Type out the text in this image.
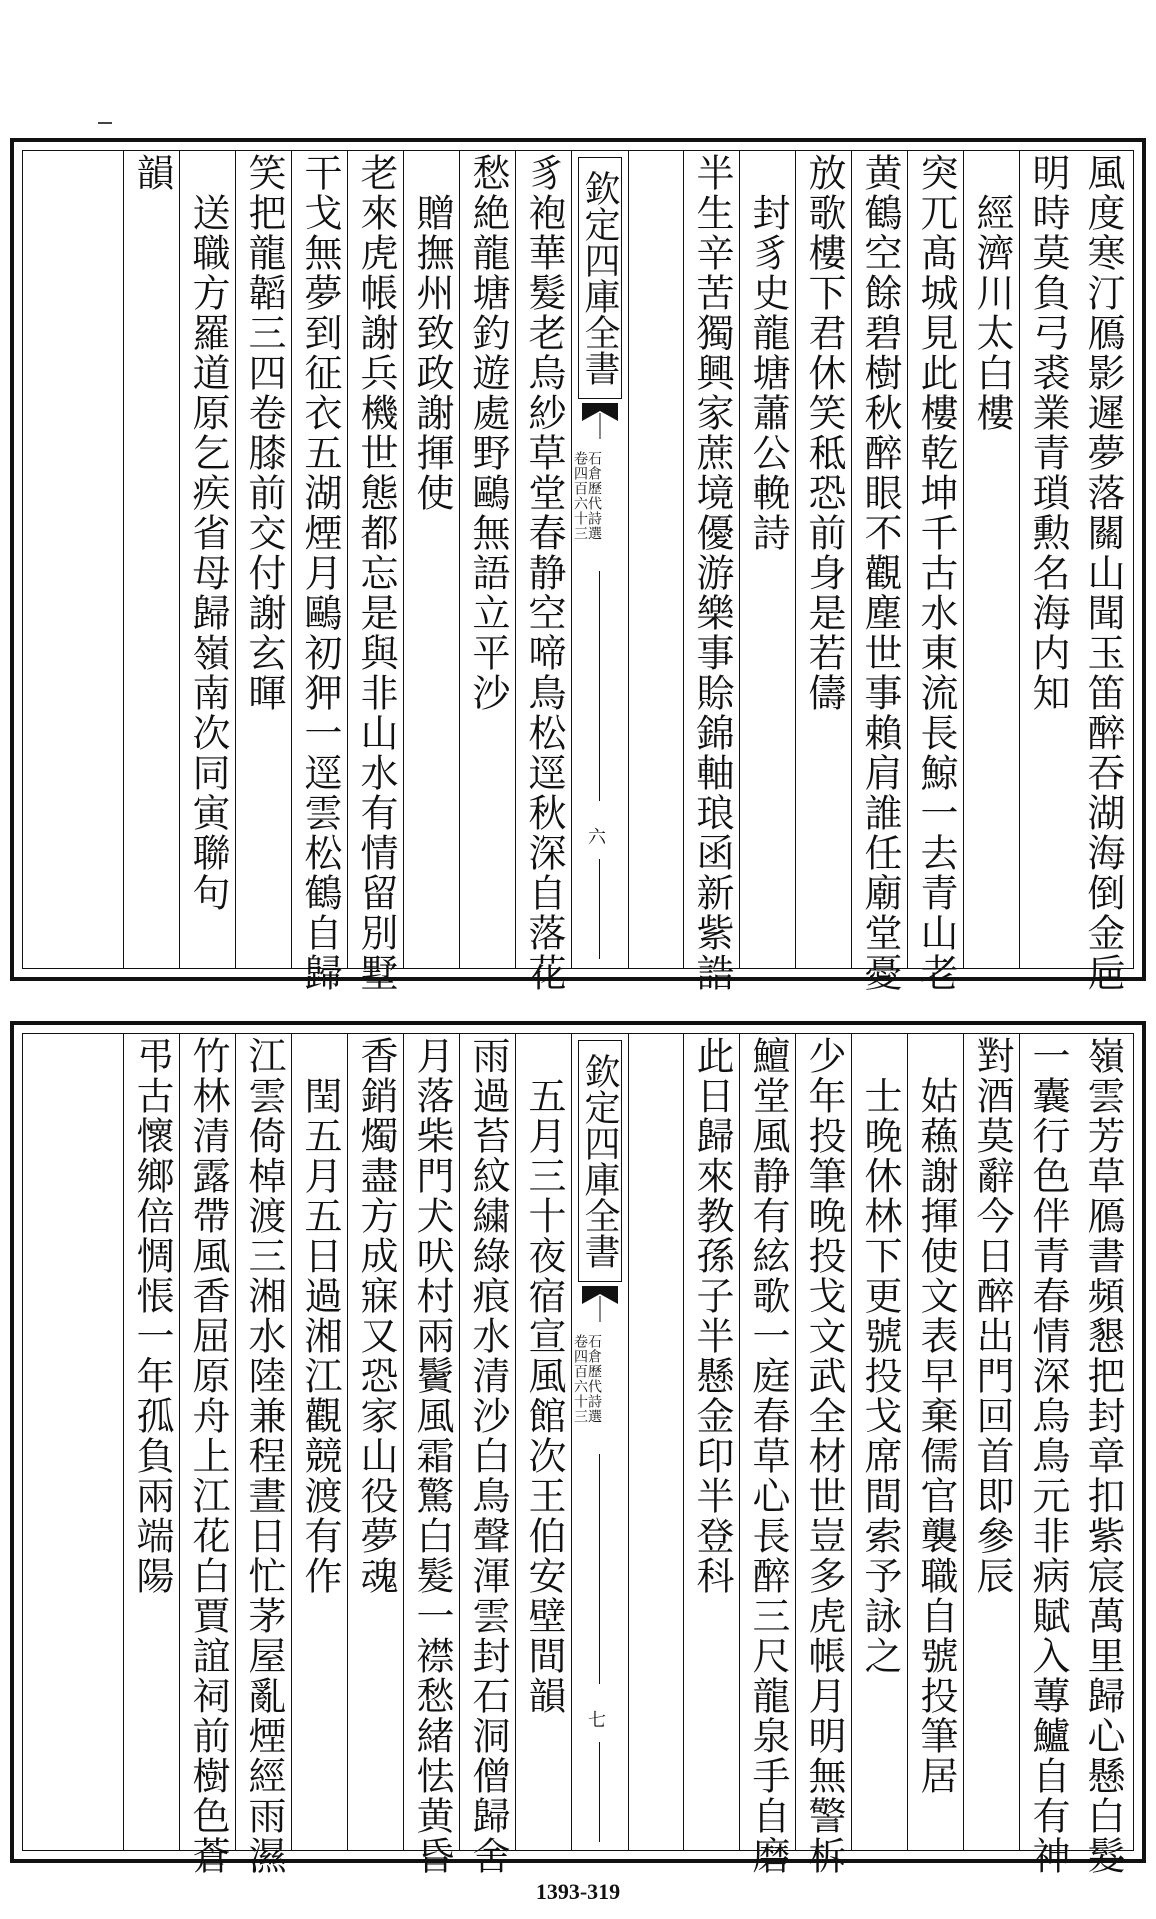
風度寒汀鴈影遲夢落關山聞玉笛醉吞湖海倒金巵
明時莫負弓裘業青瑣勲名海内知
　經濟川太白樓
突兀髙城見此樓乾坤千古水東流長鯨一去青山老
黄鶴空餘碧樹秋醉眼不觀塵世事賴肩誰任廟堂憂
放歌樓下君休笑秪恐前身是若儔
　封豸史龍塘蕭公輓詩
半生辛苦獨興家蔗境優游樂事賒錦軸琅函新紫誥
欽定四庫全書
石倉歷代詩選
卷四百六十三
六
豸袍華髮老烏紗草堂春静空啼鳥松逕秋深自落花
愁絶龍塘釣遊處野鷗無語立平沙
　贈撫州致政謝揮使
老來虎帳謝兵機世態都忘是與非山水有情留別墅
干戈無夢到征衣五湖煙月鷗初狎一逕雲松鶴自歸
笑把龍韜三四卷膝前交付謝玄暉
　送職方羅道原乞疾省母歸嶺南次同寅聯句
韻
嶺雲芳草鴈書頻懇把封章扣紫宸萬里歸心懸白髮
一囊行色伴青春情深烏鳥元非病賦入蓴鱸自有神
對酒莫辭今日醉出門回首即參辰
　姑蘓謝揮使文表早棄儒官襲職自號投筆居
　士晚休林下更號投戈席間索予詠之
少年投筆晚投戈文武全材世豈多虎帳月明無警柝
鱣堂風静有絃歌一庭春草心長醉三尺龍泉手自磨
此日歸來教孫子半懸金印半登科
欽定四庫全書
石倉歷代詩選
卷四百六十三
七
　五月三十夜宿宣風館次王伯安壁間韻
雨過苔紋繍綠痕水清沙白鳥聲渾雲封石洞僧歸舍
月落柴門犬吠村兩鬢風霜驚白髮一襟愁緒怯黄昏
香銷燭盡方成寐又恐家山役夢魂
　閏五月五日過湘江觀競渡有作
江雲倚棹渡三湘水陸兼程晝日忙茅屋亂煙經雨濕
竹林清露帶風香屈原舟上江花白賈誼祠前樹色蒼
弔古懷鄉倍惆悵一年孤負兩端陽
1393-319
